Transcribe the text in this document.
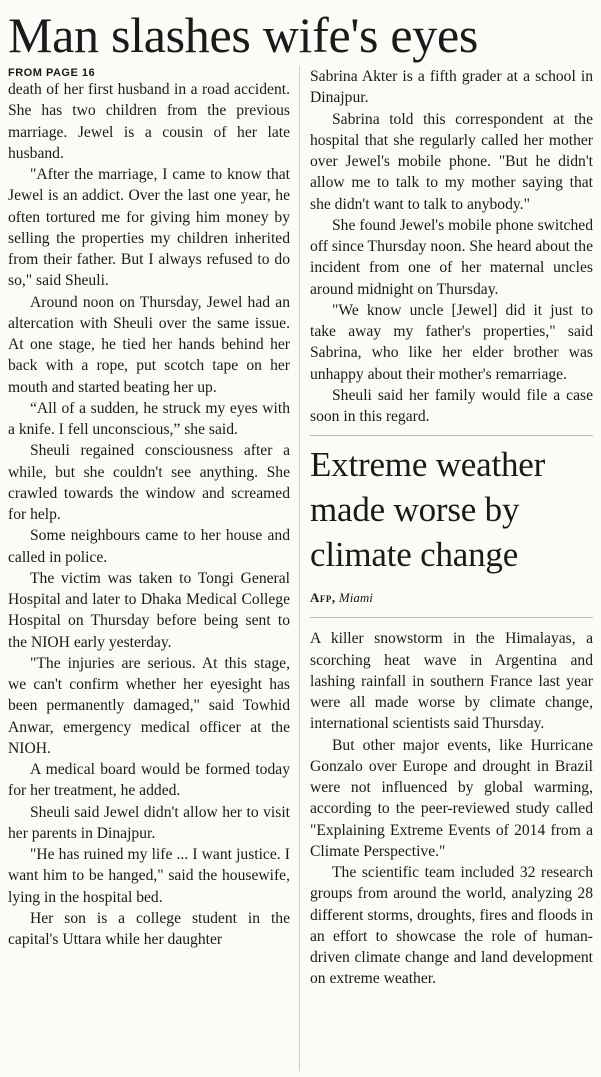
Man slashes wife's eyes
FROM PAGE 16

death of her first husband in a road accident. She has two children from the previous marriage. Jewel is a cousin of her late husband.

"After the marriage, I came to know that Jewel is an addict. Over the last one year, he often tortured me for giving him money by selling the properties my children inherited from their father. But I always refused to do so," said Sheuli.

Around noon on Thursday, Jewel had an altercation with Sheuli over the same issue. At one stage, he tied her hands behind her back with a rope, put scotch tape on her mouth and started beating her up.

“All of a sudden, he struck my eyes with a knife. I fell unconscious,” she said.

Sheuli regained consciousness after a while, but she couldn't see anything. She crawled towards the window and screamed for help.

Some neighbours came to her house and called in police.

The victim was taken to Tongi General Hospital and later to Dhaka Medical College Hospital on Thursday before being sent to the NIOH early yesterday.

"The injuries are serious. At this stage, we can't confirm whether her eyesight has been permanently damaged," said Towhid Anwar, emergency medical officer at the NIOH.

A medical board would be formed today for her treatment, he added.

Sheuli said Jewel didn't allow her to visit her parents in Dinajpur.

"He has ruined my life ... I want justice. I want him to be hanged," said the housewife, lying in the hospital bed.

Her son is a college student in the capital's Uttara while her daughter

Sabrina Akter is a fifth grader at a school in Dinajpur.

Sabrina told this correspondent at the hospital that she regularly called her mother over Jewel's mobile phone. "But he didn't allow me to talk to my mother saying that she didn't want to talk to anybody."

She found Jewel's mobile phone switched off since Thursday noon. She heard about the incident from one of her maternal uncles around midnight on Thursday.

"We know uncle [Jewel] did it just to take away my father's properties," said Sabrina, who like her elder brother was unhappy about their mother's remarriage.

Sheuli said her family would file a case soon in this regard.

Extreme weather made worse by climate change
Afp, Miami

A killer snowstorm in the Himalayas, a scorching heat wave in Argentina and lashing rainfall in southern France last year were all made worse by climate change, international scientists said Thursday.

But other major events, like Hurricane Gonzalo over Europe and drought in Brazil were not influenced by global warming, according to the peer-reviewed study called "Explaining Extreme Events of 2014 from a Climate Perspective."

The scientific team included 32 research groups from around the world, analyzing 28 different storms, droughts, fires and floods in an effort to showcase the role of human-driven climate change and land development on extreme weather.
